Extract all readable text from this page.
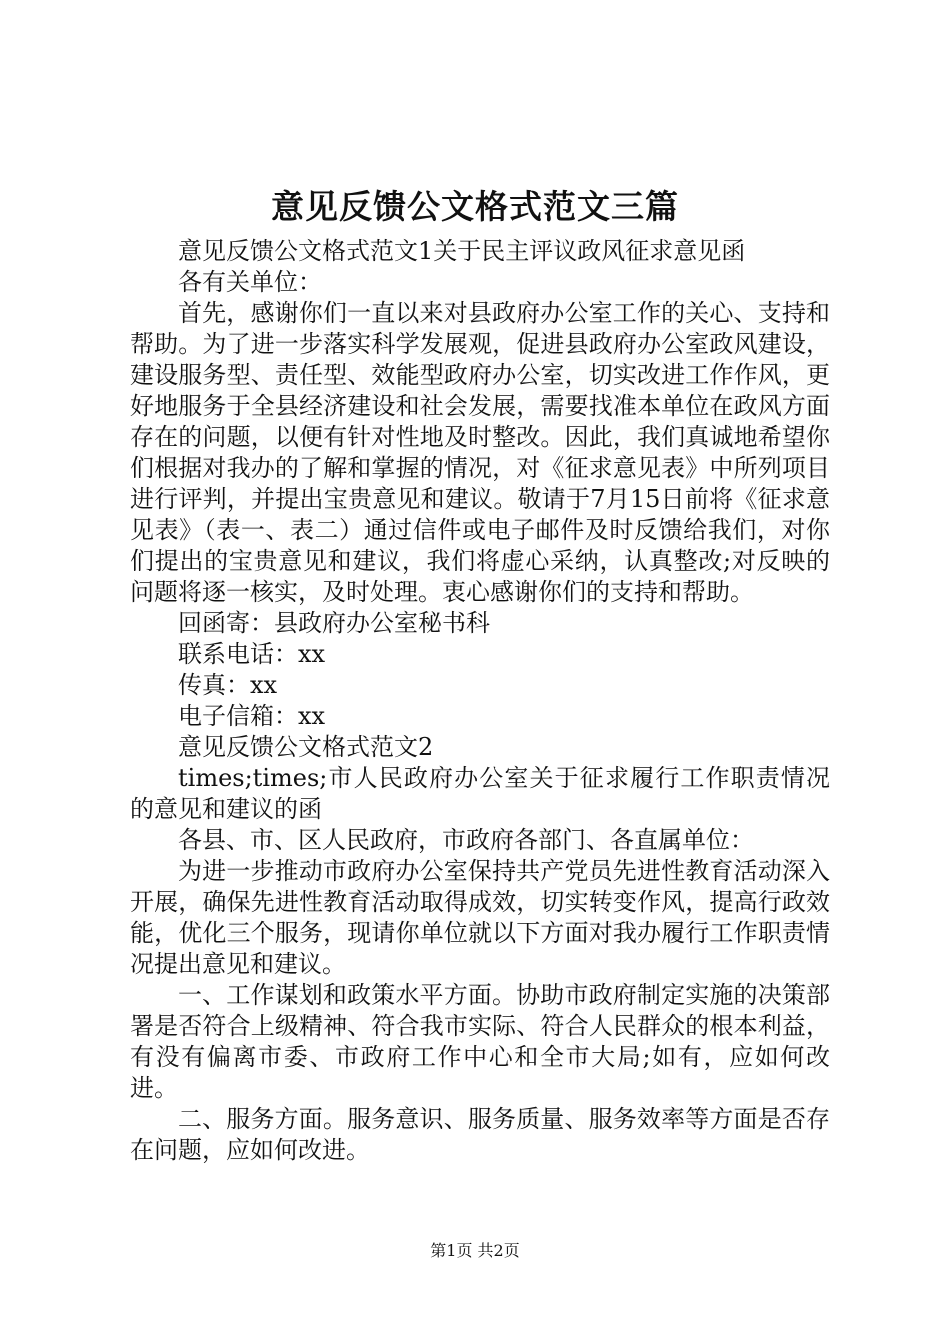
意见反馈公文格式范文三篇

意见反馈公文格式范文1关于民主评议政风征求意见函

各有关单位：

首先，感谢你们一直以来对县政府办公室工作的关心、支持和帮助。为了进一步落实科学发展观，促进县政府办公室政风建设，建设服务型、责任型、效能型政府办公室，切实改进工作作风，更好地服务于全县经济建设和社会发展，需要找准本单位在政风方面存在的问题，以便有针对性地及时整改。因此，我们真诚地希望你们根据对我办的了解和掌握的情况，对《征求意见表》中所列项目进行评判，并提出宝贵意见和建议。敬请于7月15日前将《征求意见表》（表一、表二）通过信件或电子邮件及时反馈给我们，对你们提出的宝贵意见和建议，我们将虚心采纳，认真整改;对反映的问题将逐一核实，及时处理。衷心感谢你们的支持和帮助。

回函寄：县政府办公室秘书科

联系电话：xx

传真：xx

电子信箱：xx

意见反馈公文格式范文2

times;times;市人民政府办公室关于征求履行工作职责情况的意见和建议的函

各县、市、区人民政府，市政府各部门、各直属单位：

为进一步推动市政府办公室保持共产党员先进性教育活动深入开展，确保先进性教育活动取得成效，切实转变作风，提高行政效能，优化三个服务，现请你单位就以下方面对我办履行工作职责情况提出意见和建议。

一、工作谋划和政策水平方面。协助市政府制定实施的决策部署是否符合上级精神、符合我市实际、符合人民群众的根本利益，有没有偏离市委、市政府工作中心和全市大局;如有，应如何改进。

二、服务方面。服务意识、服务质量、服务效率等方面是否存在问题，应如何改进。

第1页 共2页
